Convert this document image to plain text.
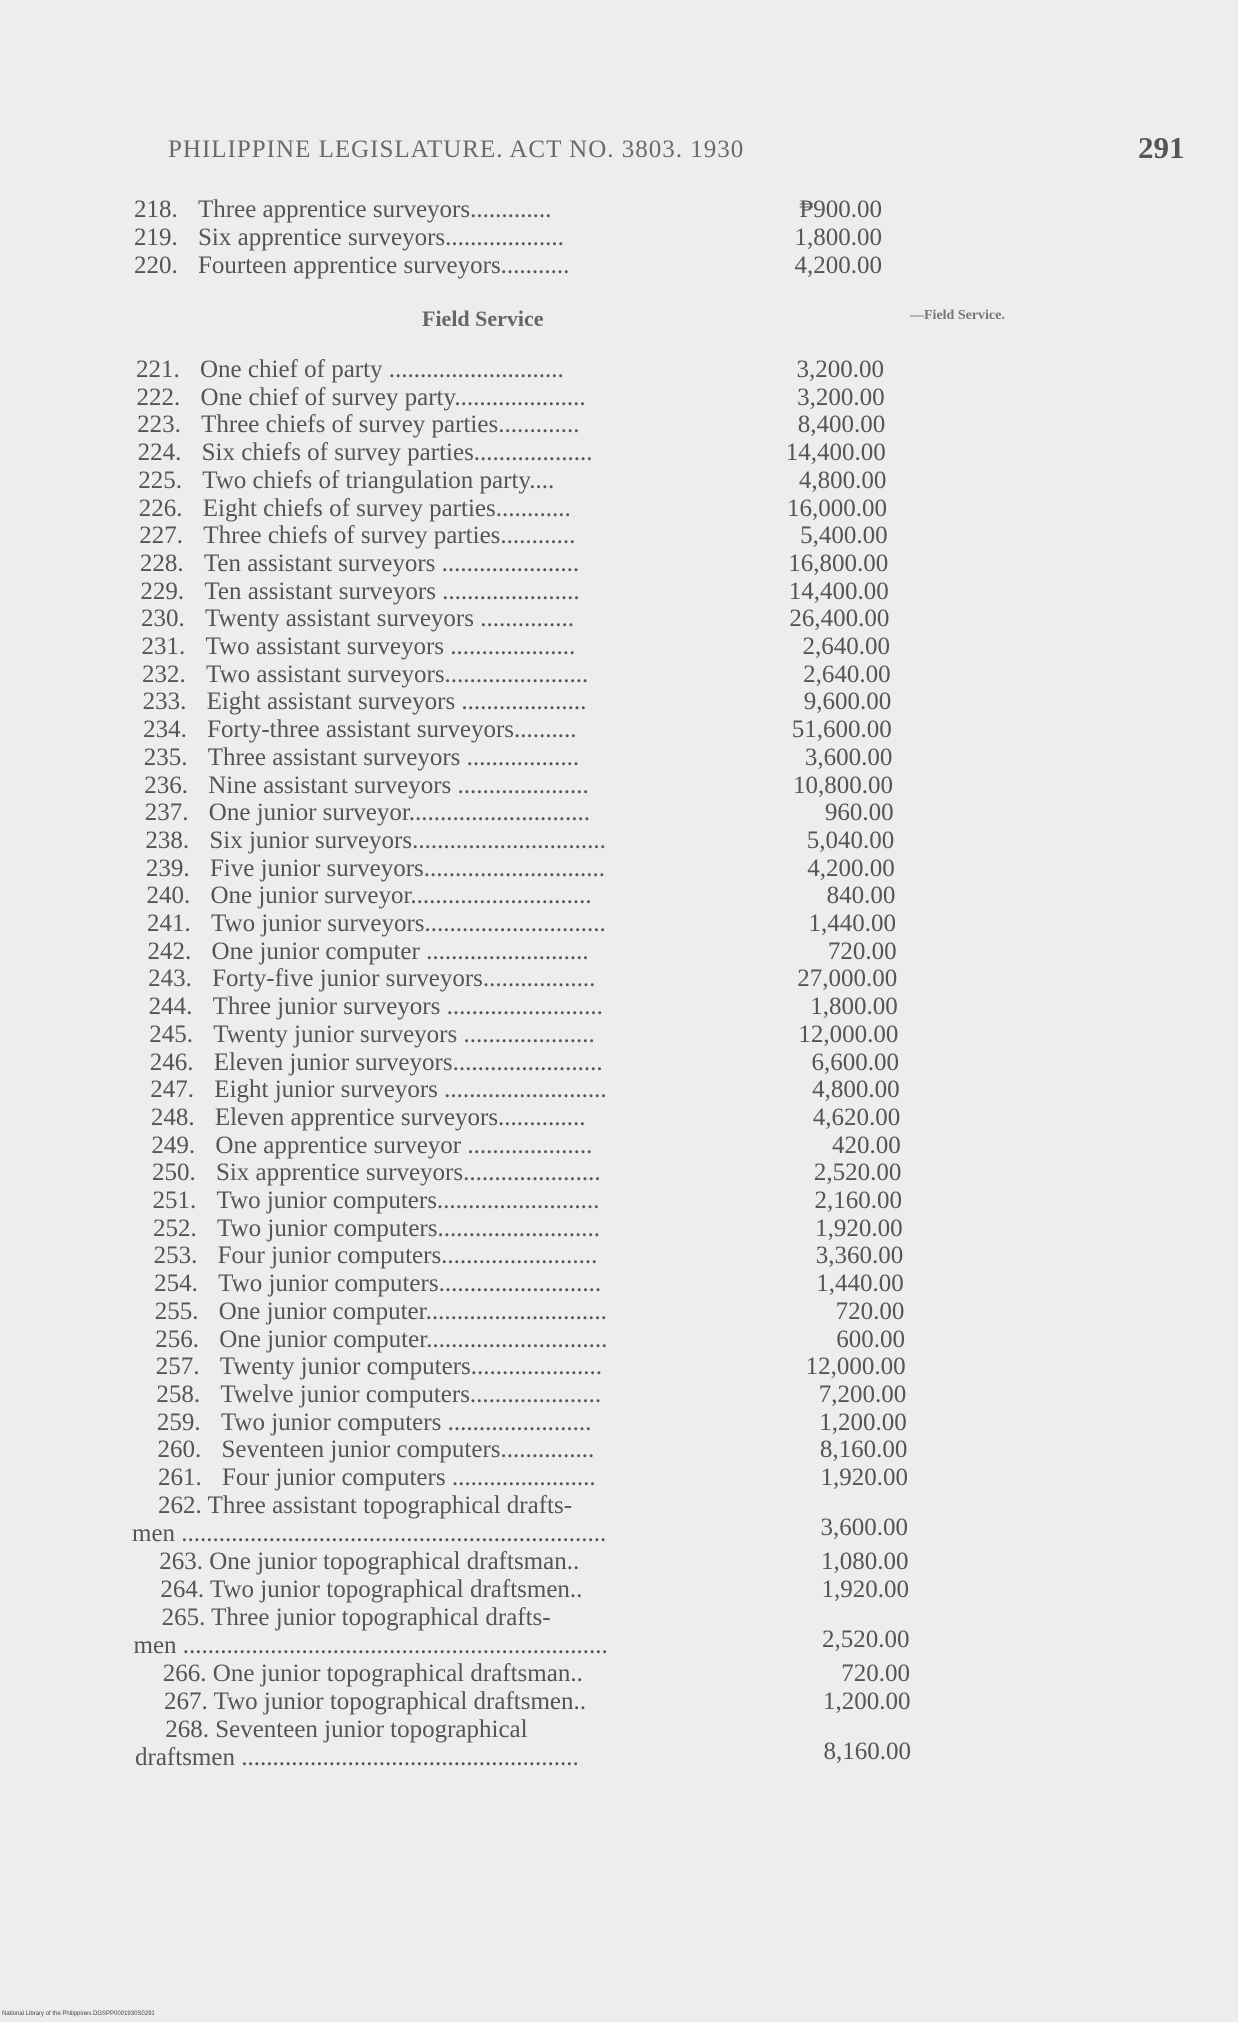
PHILIPPINE LEGISLATURE. ACT NO. 3803. 1930	291
Field Service	—Field Service.
218. Three apprentice surveyors.............	₱900.00
219. Six apprentice surveyors...................	1,800.00
220. Fourteen apprentice surveyors...........	4,200.00
221. One chief of party ............................	3,200.00
222. One chief of survey party.....................	3,200.00
223. Three chiefs of survey parties.............	8,400.00
224. Six chiefs of survey parties...................	14,400.00
225. Two chiefs of triangulation party....	4,800.00
226. Eight chiefs of survey parties............	16,000.00
227. Three chiefs of survey parties............	5,400.00
228. Ten assistant surveyors ......................	16,800.00
229. Ten assistant surveyors ......................	14,400.00
230. Twenty assistant surveyors ...............	26,400.00
231. Two assistant surveyors ....................	2,640.00
232. Two assistant surveyors.......................	2,640.00
233. Eight assistant surveyors ....................	9,600.00
234. Forty-three assistant surveyors..........	51,600.00
235. Three assistant surveyors ..................	3,600.00
236. Nine assistant surveyors .....................	10,800.00
237. One junior surveyor.............................	960.00
238. Six junior surveyors...............................	5,040.00
239. Five junior surveyors.............................	4,200.00
240. One junior surveyor.............................	840.00
241. Two junior surveyors.............................	1,440.00
242. One junior computer ..........................	720.00
243. Forty-five junior surveyors..................	27,000.00
244. Three junior surveyors .........................	1,800.00
245. Twenty junior surveyors .....................	12,000.00
246. Eleven junior surveyors........................	6,600.00
247. Eight junior surveyors ..........................	4,800.00
248. Eleven apprentice surveyors..............	4,620.00
249. One apprentice surveyor ....................	420.00
250. Six apprentice surveyors......................	2,520.00
251. Two junior computers..........................	2,160.00
252. Two junior computers..........................	1,920.00
253. Four junior computers.........................	3,360.00
254. Two junior computers..........................	1,440.00
255. One junior computer.............................	720.00
256. One junior computer.............................	600.00
257. Twenty junior computers.....................	12,000.00
258. Twelve junior computers.....................	7,200.00
259. Two junior computers .......................	1,200.00
260. Seventeen junior computers...............	8,160.00
261. Four junior computers .......................	1,920.00
262. Three assistant topographical drafts-
men ....................................................................	3,600.00
263. One junior topographical draftsman..	1,080.00
264. Two junior topographical draftsmen..	1,920.00
265. Three junior topographical drafts-
men ....................................................................	2,520.00
266. One junior topographical draftsman..	720.00
267. Two junior topographical draftsmen..	1,200.00
268. Seventeen junior topographical
draftsmen ......................................................	8,160.00
National Library of the Philippines DGSPP0001930S0291
